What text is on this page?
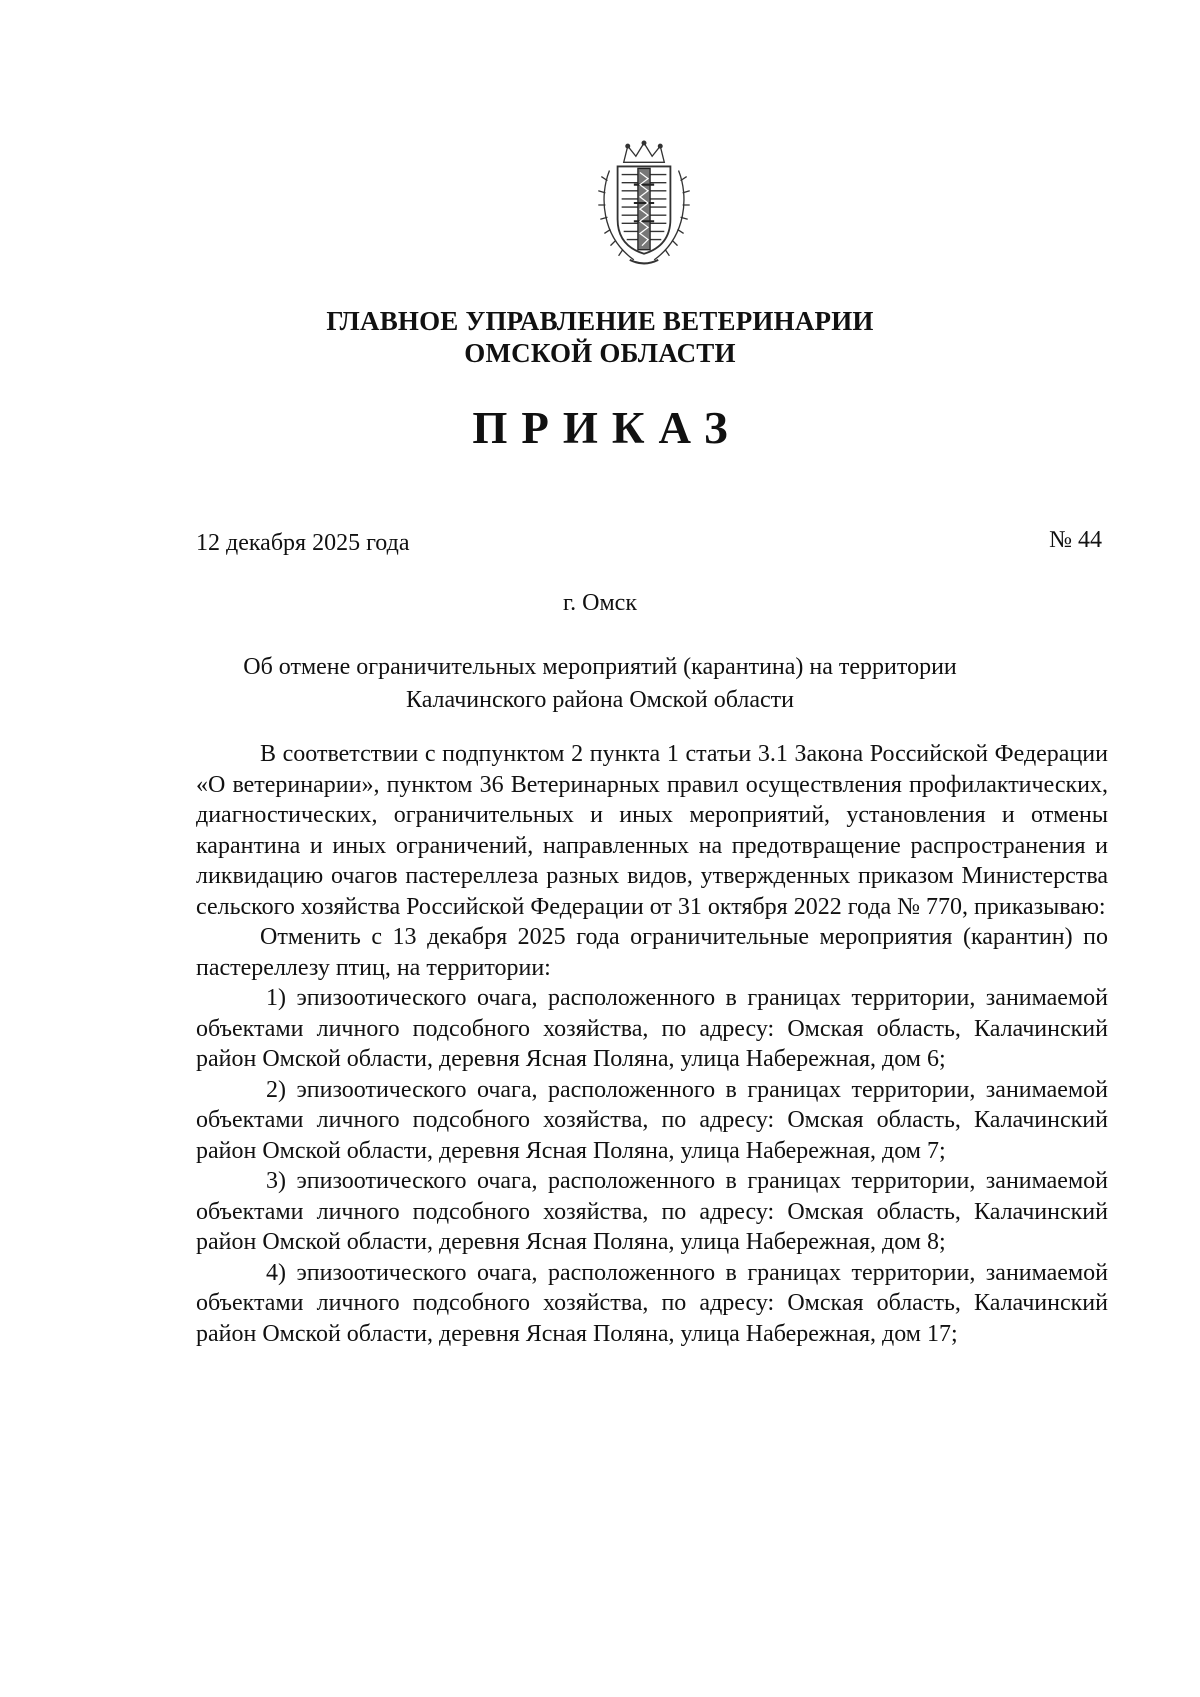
ГЛАВНОЕ УПРАВЛЕНИЕ ВЕТЕРИНАРИИ
ОМСКОЙ ОБЛАСТИ
ПРИКАЗ
12 декабря 2025 года	№ 44
г. Омск
Об отмене ограничительных мероприятий (карантина) на территории
Калачинского района Омской области

В соответствии с подпунктом 2 пункта 1 статьи 3.1 Закона Российской Федерации «О ветеринарии», пунктом 36 Ветеринарных правил осуществления профилактических, диагностических, ограничительных и иных мероприятий, установления и отмены карантина и иных ограничений, направленных на предотвращение распространения и ликвидацию очагов пастереллеза разных видов, утвержденных приказом Министерства сельского хозяйства Российской Федерации от 31 октября 2022 года № 770, приказываю:

Отменить с 13 декабря 2025 года ограничительные мероприятия (карантин) по пастереллезу птиц, на территории:

1) эпизоотического очага, расположенного в границах территории, занимаемой объектами личного подсобного хозяйства, по адресу: Омская область, Калачинский район Омской области, деревня Ясная Поляна, улица Набережная, дом 6;

2) эпизоотического очага, расположенного в границах территории, занимаемой объектами личного подсобного хозяйства, по адресу: Омская область, Калачинский район Омской области, деревня Ясная Поляна, улица Набережная, дом 7;

3) эпизоотического очага, расположенного в границах территории, занимаемой объектами личного подсобного хозяйства, по адресу: Омская область, Калачинский район Омской области, деревня Ясная Поляна, улица Набережная, дом 8;

4) эпизоотического очага, расположенного в границах территории, занимаемой объектами личного подсобного хозяйства, по адресу: Омская область, Калачинский район Омской области, деревня Ясная Поляна, улица Набережная, дом 17;
